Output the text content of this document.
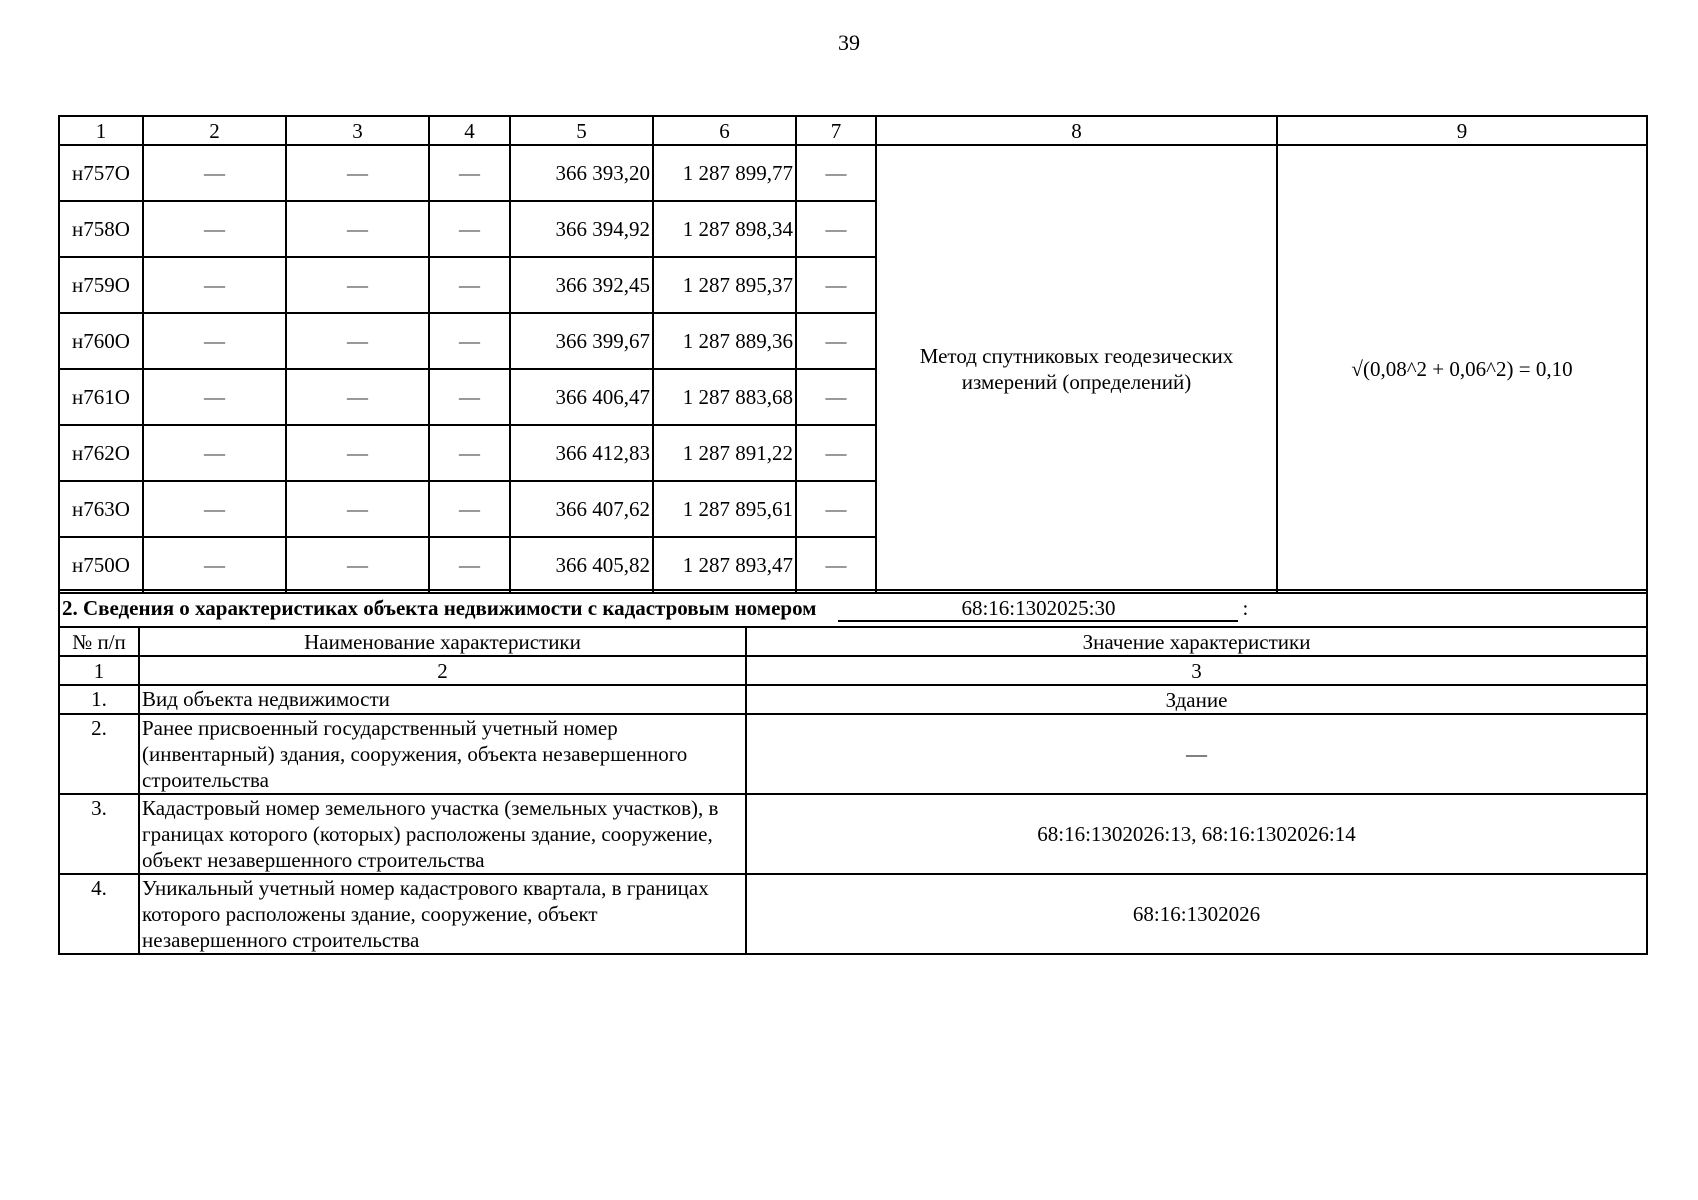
39
1	2	3	4	5	6	7	8	9
н757О	—	—	—	366 393,20	1 287 899,77	—	Метод спутниковых геодезических измерений (определений)	√(0,08^2 + 0,06^2) = 0,10
н758О	—	—	—	366 394,92	1 287 898,34	—		
н759О	—	—	—	366 392,45	1 287 895,37	—		
н760О	—	—	—	366 399,67	1 287 889,36	—		
н761О	—	—	—	366 406,47	1 287 883,68	—		
н762О	—	—	—	366 412,83	1 287 891,22	—		
н763О	—	—	—	366 407,62	1 287 895,61	—		
н750О	—	—	—	366 405,82	1 287 893,47	—		
2. Сведения о характеристиках объекта недвижимости с кадастровым номером 68:16:1302025:30 :		
№ п/п	Наименование характеристики	Значение характеристики
1	2	3
1.	Вид объекта недвижимости	Здание
2.	Ранее присвоенный государственный учетный номер (инвентарный) здания, сооружения, объекта незавершенного строительства	—
3.	Кадастровый номер земельного участка (земельных участков), в границах которого (которых) расположены здание, сооружение, объект незавершенного строительства	68:16:1302026:13, 68:16:1302026:14
4.	Уникальный учетный номер кадастрового квартала, в границах которого расположены здание, сооружение, объект незавершенного строительства	68:16:1302026
